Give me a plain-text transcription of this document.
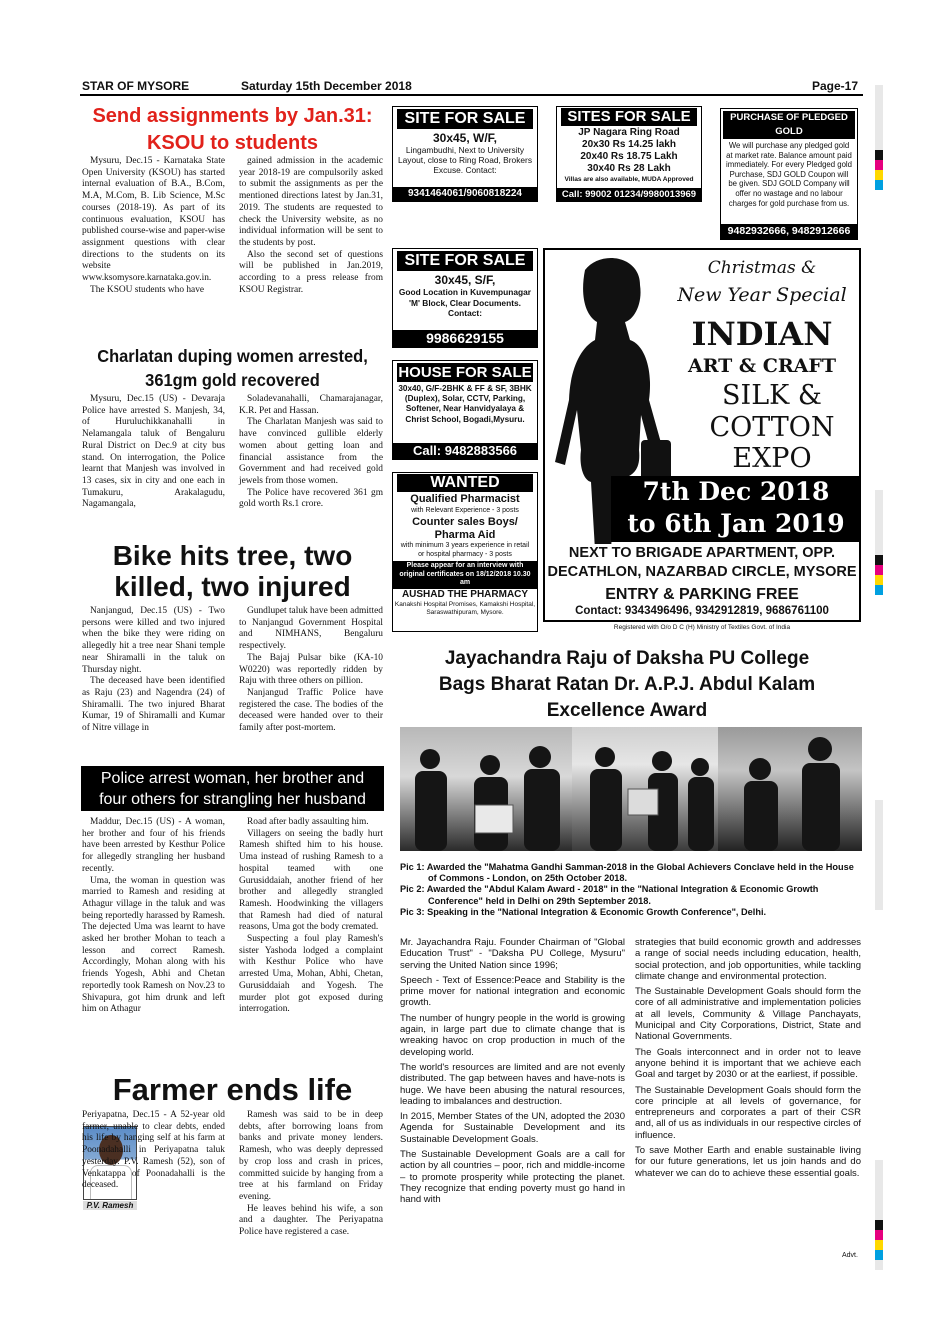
STAR OF MYSORE	Saturday 15th December 2018	Page-17
Send assignments by Jan.31:
KSOU to students

Mysuru, Dec.15 - Karnataka State Open University (KSOU) has started internal evaluation of B.A., B.Com, M.A, M.Com, B. Lib Science, M.Sc courses (2018-19). As part of its continuous evaluation, KSOU has published course-wise and paper-wise assignment questions with clear directions to the students on its website www.ksomysore.karnataka.gov.in.

The KSOU students who have

gained admission in the academic year 2018-19 are compulsorily asked to submit the assignments as per the mentioned directions latest by Jan.31, 2019. The students are requested to check the University website, as no individual information will be sent to the students by post.

Also the second set of questions will be published in Jan.2019, according to a press release from KSOU Registrar.

Charlatan duping women arrested,
361gm gold recovered

Mysuru, Dec.15 (US) - Devaraja Police have arrested S. Manjesh, 34, of Huruluchikkanahalli in Nelamangala taluk of Bengaluru Rural District on Dec.9 at city bus stand. On interrogation, the Police learnt that Manjesh was involved in 13 cases, six in city and one each in Tumakuru, Arakalagudu, Nagamangala,

Soladevanahalli, Chamarajanagar, K.R. Pet and Hassan.

The Charlatan Manjesh was said to have convinced gullible elderly women about getting loan and financial assistance from the Government and had received gold jewels from those women.

The Police have recovered 361 gm gold worth Rs.1 crore.

Bike hits tree, two
killed, two injured

Nanjangud, Dec.15 (US) - Two persons were killed and two injured when the bike they were riding on allegedly hit a tree near Shani temple near Shiramalli in the taluk on Thursday night.

The deceased have been identified as Raju (23) and Nagendra (24) of Shiramalli. The two injured Bharat Kumar, 19 of Shiramalli and Kumar of Nitre village in

Gundlupet taluk have been admitted to Nanjangud Government Hospital and NIMHANS, Bengaluru respectively.

The Bajaj Pulsar bike (KA-10 W0220) was reportedly ridden by Raju with three others on pillion.

Nanjangud Traffic Police have registered the case. The bodies of the deceased were handed over to their family after post-mortem.

Police arrest woman, her brother and
four others for strangling her husband

Maddur, Dec.15 (US) - A woman, her brother and four of his friends have been arrested by Kesthur Police for allegedly strangling her husband recently.

Uma, the woman in question was married to Ramesh and residing at Athagur village in the taluk and was being reportedly harassed by Ramesh. The dejected Uma was learnt to have asked her brother Mohan to teach a lesson and correct Ramesh. Accordingly, Mohan along with his friends Yogesh, Abhi and Chetan reportedly took Ramesh on Nov.23 to Shivapura, got him drunk and left him on Athagur

Road after badly assaulting him.

Villagers on seeing the badly hurt Ramesh shifted him to his house. Uma instead of rushing Ramesh to a hospital teamed with one Gurusiddaiah, another friend of her brother and allegedly strangled Ramesh. Hoodwinking the villagers that Ramesh had died of natural reasons, Uma got the body cremated.

Suspecting a foul play Ramesh's sister Yashoda lodged a complaint with Kesthur Police who have arrested Uma, Mohan, Abhi, Chetan, Gurusiddaiah and Yogesh. The murder plot got exposed during interrogation.

Farmer ends life
P.V. Ramesh

Periyapatna, Dec.15 - A 52-year old farmer, unable to clear debts, ended his life by hanging self at his farm at Poonadahalli in Periyapatna taluk yesterday. P.V. Ramesh (52), son of Venkatappa of Poonadahalli is the deceased.

Ramesh was said to be in deep debts, after borrowing loans from banks and private money lenders. Ramesh, who was deeply depressed by crop loss and crash in prices, committed suicide by hanging from a tree at his farmland on Friday evening.

He leaves behind his wife, a son and a daughter. The Periyapatna Police have registered a case.

SITE FOR SALE
30x45, W/F,
Lingambudhi, Next to University Layout, close to Ring Road, Brokers Excuse. Contact:
9341464061/9060818224
SITES FOR SALE
JP Nagara Ring Road
20x30 Rs 14.25 lakh
20x40 Rs 18.75 Lakh
30x40 Rs 28 Lakh
Villas are also available, MUDA Approved
Call: 99002 01234/9980013969
PURCHASE OF PLEDGED GOLD
We will purchase any pledged gold at market rate. Balance amount paid immediately. For every Pledged gold Purchase, SDJ GOLD Coupon will be given. SDJ GOLD Company will offer no wastage and no labour charges for gold purchase from us.
9482932666, 9482912666
SITE FOR SALE
30x45, S/F,
Good Location in Kuvempunagar 'M' Block, Clear Documents. Contact:
9986629155
HOUSE FOR SALE
30x40, G/F-2BHK & FF & SF, 3BHK (Duplex), Solar, CCTV, Parking, Softener, Near Hanvidyalaya & Christ School, Bogadi,Mysuru.
Call: 9482883566
WANTED
Qualified Pharmacist
with Relevant Experience - 3 posts
Counter sales Boys/
Pharma Aid
with minimum 3 years experience in retail or hospital pharmacy - 3 posts
Please appear for an interview with original certificates on 18/12/2018 10.30 am
AUSHAD THE PHARMACY
Kanakshi Hospital Promises, Kamakshi Hospital, Saraswathipuram, Mysore.
Christmas &
New Year Special
INDIAN
ART & CRAFT
SILK &
COTTON
EXPO
7th Dec 2018
to 6th Jan 2019
NEXT TO BRIGADE APARTMENT, OPP.
DECATHLON, NAZARBAD CIRCLE, MYSORE
ENTRY & PARKING FREE
Contact: 9343496496, 9342912819, 9686761100
Registered with O/o D C (H) Ministry of Textiles Govt. of India
Jayachandra Raju of Daksha PU College
Bags Bharat Ratan Dr. A.P.J. Abdul Kalam
Excellence Award

Pic 1: Awarded the "Mahatma Gandhi Samman-2018 in the Global Achievers Conclave held in the House of Commons - London, on 25th October 2018.

Pic 2: Awarded the "Abdul Kalam Award - 2018" in the "National Integration & Economic Growth Conference" held in Delhi on 29th September 2018.

Pic 3: Speaking in the "National Integration & Economic Growth Conference", Delhi.

Mr. Jayachandra Raju. Founder Chairman of "Global Education Trust" - "Daksha PU College, Mysuru" serving the United Nation since 1996;

Speech - Text of Essence:Peace and Stability is the prime mover for national integration and economic growth.

The number of hungry people in the world is growing again, in large part due to climate change that is wreaking havoc on crop production in much of the developing world.

The world's resources are limited and are not evenly distributed. The gap between haves and have-nots is huge. We have been abusing the natural resources, leading to imbalances and destruction.

In 2015, Member States of the UN, adopted the 2030 Agenda for Sustainable Development and its Sustainable Development Goals.

The Sustainable Development Goals are a call for action by all countries – poor, rich and middle-income – to promote prosperity while protecting the planet. They recognize that ending poverty must go hand in hand with

strategies that build economic growth and addresses a range of social needs including education, health, social protection, and job opportunities, while tackling climate change and environmental protection.

The Sustainable Development Goals should form the core of all administrative and implementation policies at all levels, Community & Village Panchayats, Municipal and City Corporations, District, State and National Governments.

The Goals interconnect and in order not to leave anyone behind it is important that we achieve each Goal and target by 2030 or at the earliest, if possible.

The Sustainable Development Goals should form the core principle at all levels of governance, for entrepreneurs and corporates a part of their CSR and, all of us as individuals in our respective circles of influence.

To save Mother Earth and enable sustainable living for our future generations, let us join hands and do whatever we can do to achieve these essential goals.

Advt.
